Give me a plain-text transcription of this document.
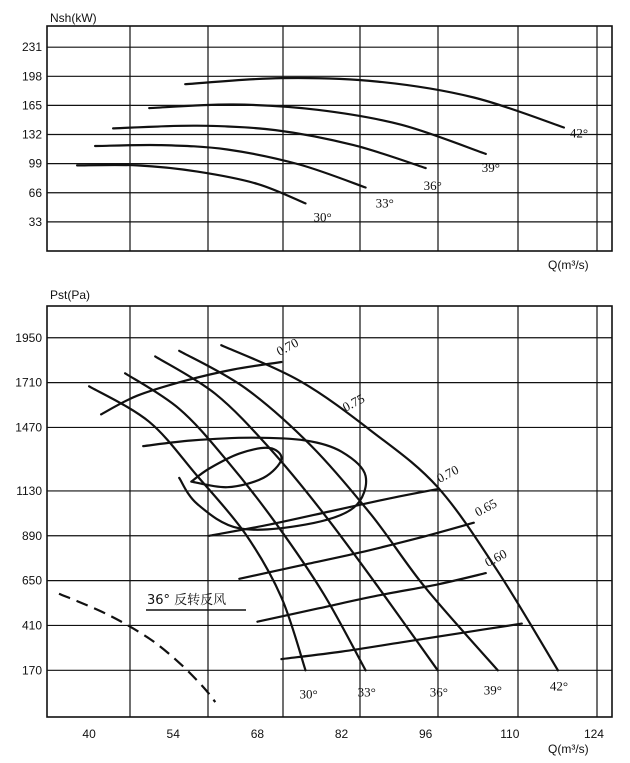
Nsh(kW)
33
66
99
132
165
198
231
30°
33°
36°
39°
42°
Q(m³/s)
Pst(Pa)
170
410
650
890
1130
1470
1710
1950
40	54	68	82	96	110	124
0.70
0.75
0.70
0.65
0.60
30°	33°	36°	39°	42°
36° 反转反风
Q(m³/s)
